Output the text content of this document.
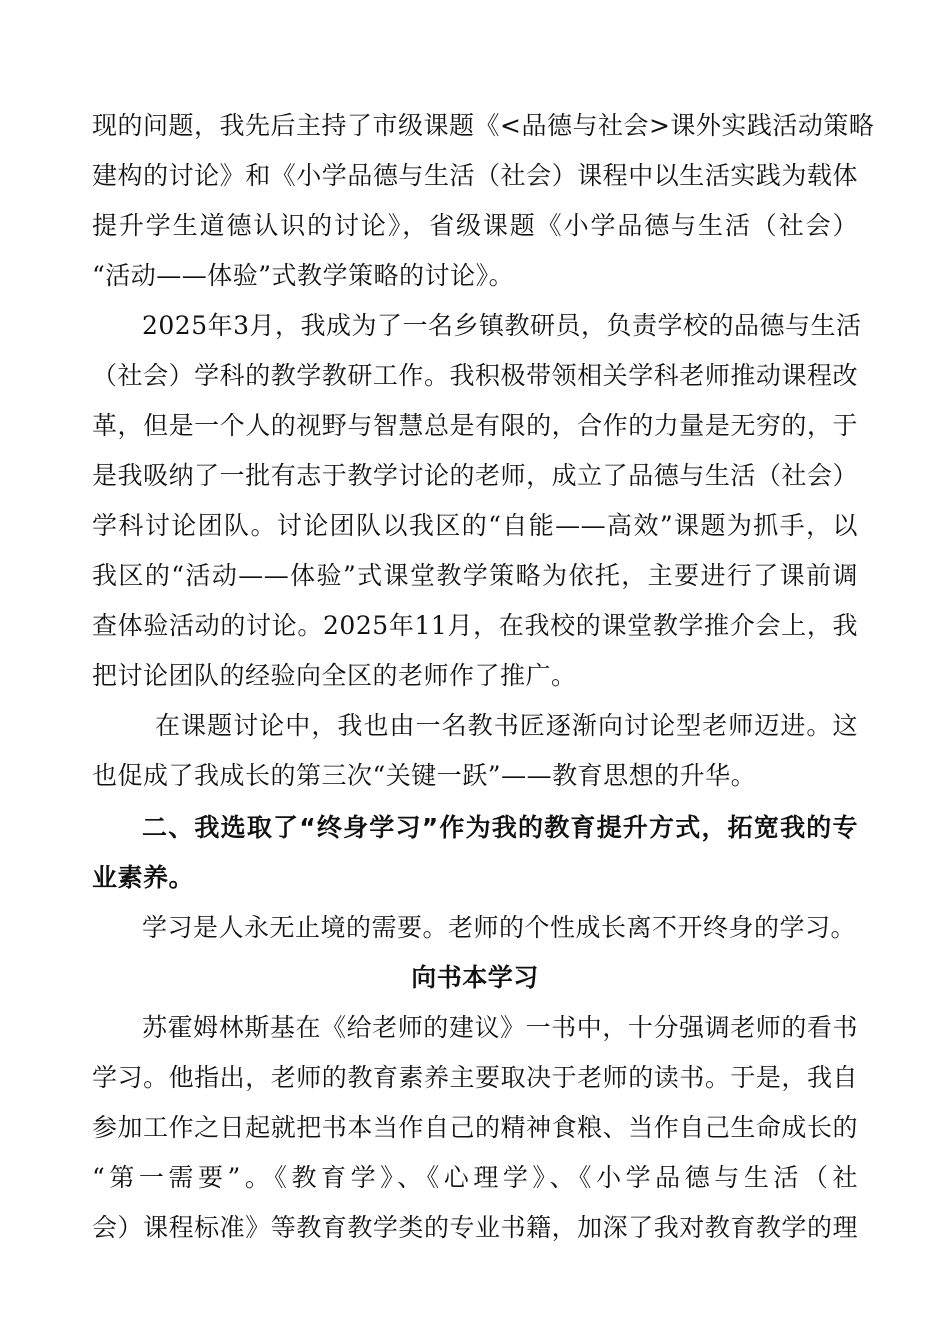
现的问题，我先后主持了市级课题《<品德与社会>课外实践活动策略
建构的讨论》和《小学品德与生活（社会）课程中以生活实践为载体
提升学生道德认识的讨论》，省级课题《小学品德与生活（社会）
“活动——体验”式教学策略的讨论》。
2025年3月，我成为了一名乡镇教研员，负责学校的品德与生活
（社会）学科的教学教研工作。我积极带领相关学科老师推动课程改
革，但是一个人的视野与智慧总是有限的，合作的力量是无穷的，于
是我吸纳了一批有志于教学讨论的老师，成立了品德与生活（社会）
学科讨论团队。讨论团队以我区的“自能——高效”课题为抓手，以
我区的“活动——体验”式课堂教学策略为依托，主要进行了课前调
查体验活动的讨论。2025年11月，在我校的课堂教学推介会上，我
把讨论团队的经验向全区的老师作了推广。
在课题讨论中，我也由一名教书匠逐渐向讨论型老师迈进。这
也促成了我成长的第三次“关键一跃”——教育思想的升华。
二、我选取了“终身学习”作为我的教育提升方式，拓宽我的专
业素养。
学习是人永无止境的需要。老师的个性成长离不开终身的学习。
向书本学习
苏霍姆林斯基在《给老师的建议》一书中，十分强调老师的看书
学习。他指出，老师的教育素养主要取决于老师的读书。于是，我自
参加工作之日起就把书本当作自己的精神食粮、当作自己生命成长的
“第一需要”。《教育学》、《心理学》、《小学品德与生活（社
会）课程标准》等教育教学类的专业书籍，加深了我对教育教学的理
